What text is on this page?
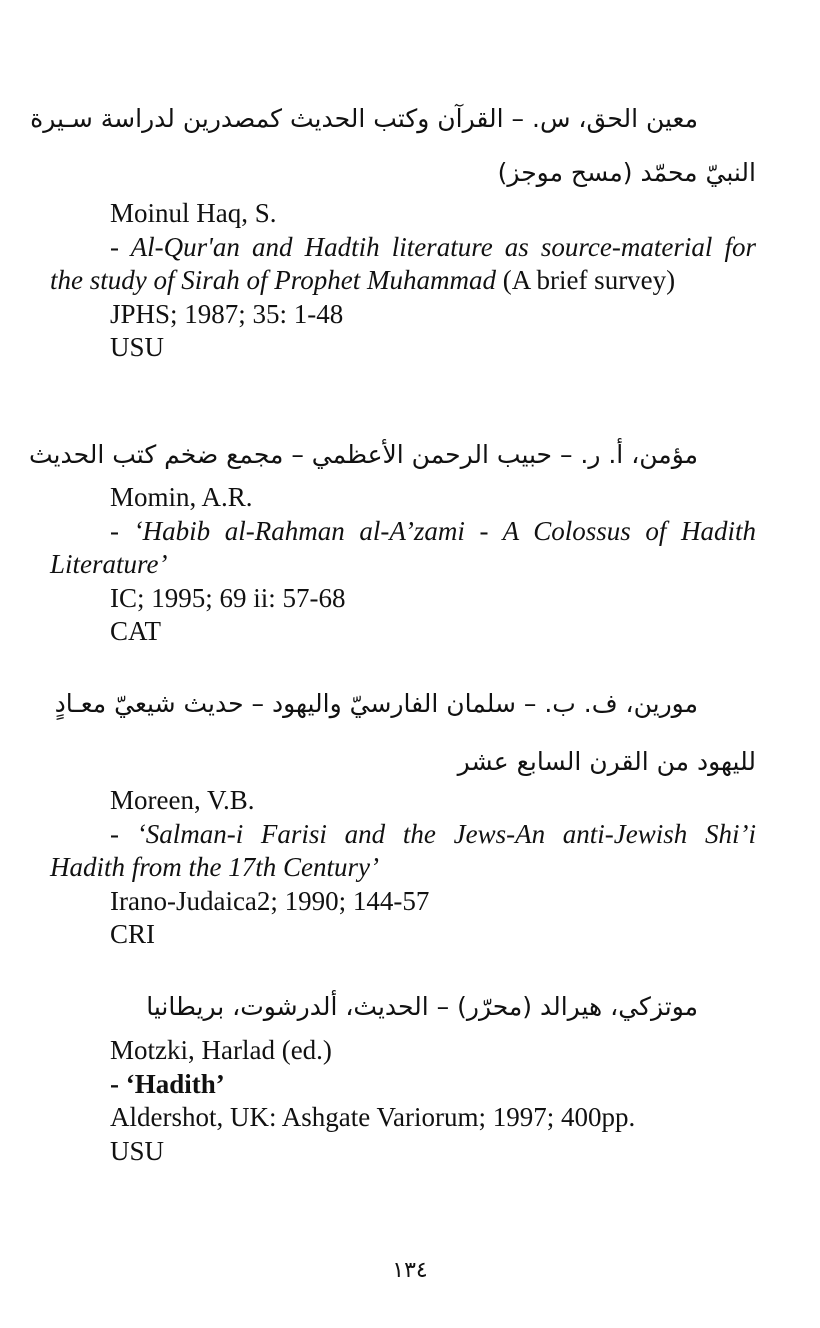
معين الحق، س. – القرآن وكتب الحديث كمصدرين لدراسة سـيرة
النبيّ محمّد (مسح موجز)
Moinul Haq, S.
- Al-Qur'an and Hadtih literature as source-material for the study of Sirah of Prophet Muhammad (A brief survey)
JPHS; 1987; 35: 1-48
USU
مؤمن، أ. ر. – حبيب الرحمن الأعظمي – مجمع ضخم كتب الحديث
Momin, A.R.
- ‘Habib al-Rahman al-A’zami - A Colossus of Hadith Literature’
IC; 1995; 69 ii: 57-68
CAT
مورين، ف. ب. – سلمان الفارسيّ واليهود – حديث شيعيّ معـادٍ
لليهود من القرن السابع عشر
Moreen, V.B.
- ‘Salman-i Farisi and the Jews-An anti-Jewish Shi’i Hadith from the 17th Century’
Irano-Judaica2; 1990; 144-57
CRI
موتزكي، هيرالد (محرّر) – الحديث، ألدرشوت، بريطانيا
Motzki, Harlad (ed.)
- ‘Hadith’
Aldershot, UK: Ashgate Variorum; 1997; 400pp.
USU
١٣٤
